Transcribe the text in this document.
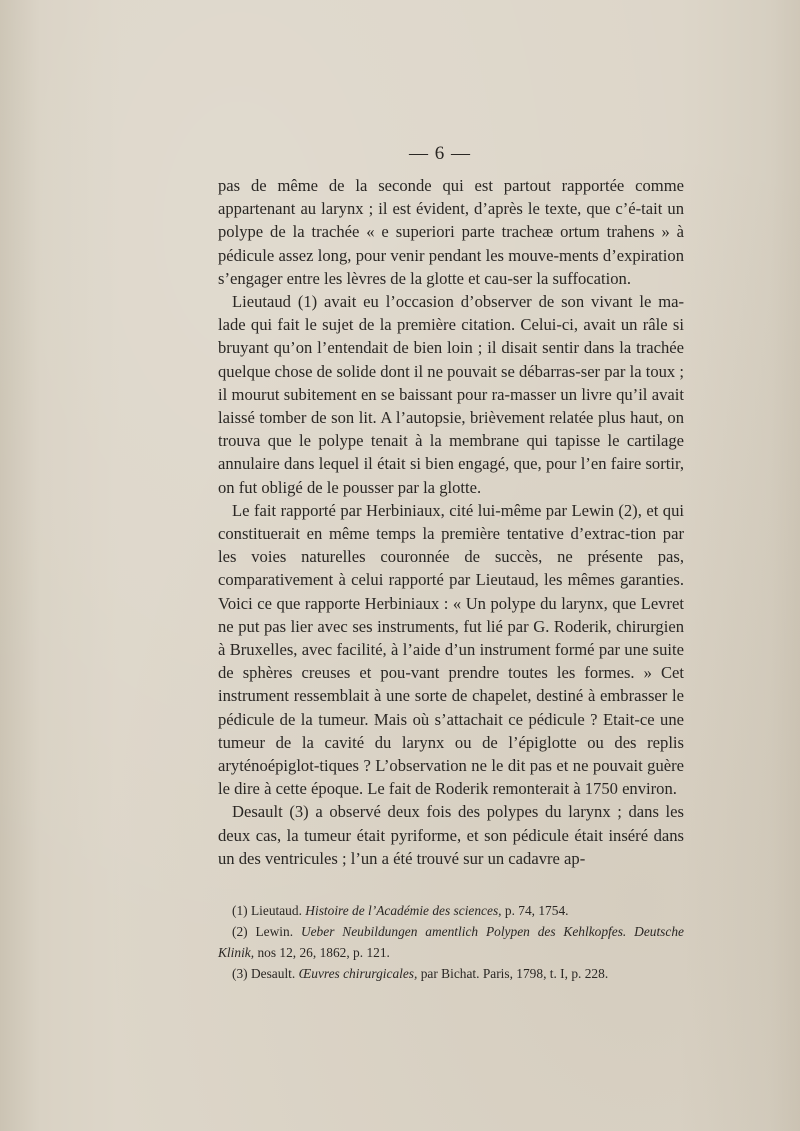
— 6 —

pas de même de la seconde qui est partout rapportée comme appartenant au larynx ; il est évident, d’après le texte, que c’é-tait un polype de la trachée « e superiori parte tracheæ ortum trahens » à pédicule assez long, pour venir pendant les mouve-ments d’expiration s’engager entre les lèvres de la glotte et cau-ser la suffocation.

Lieutaud (1) avait eu l’occasion d’observer de son vivant le ma-lade qui fait le sujet de la première citation. Celui-ci, avait un râle si bruyant qu’on l’entendait de bien loin ; il disait sentir dans la trachée quelque chose de solide dont il ne pouvait se débarras-ser par la toux ; il mourut subitement en se baissant pour ra-masser un livre qu’il avait laissé tomber de son lit. A l’autopsie, brièvement relatée plus haut, on trouva que le polype tenait à la membrane qui tapisse le cartilage annulaire dans lequel il était si bien engagé, que, pour l’en faire sortir, on fut obligé de le pousser par la glotte.

Le fait rapporté par Herbiniaux, cité lui-même par Lewin (2), et qui constituerait en même temps la première tentative d’extrac-tion par les voies naturelles couronnée de succès, ne présente pas, comparativement à celui rapporté par Lieutaud, les mêmes garanties. Voici ce que rapporte Herbiniaux : « Un polype du larynx, que Levret ne put pas lier avec ses instruments, fut lié par G. Roderik, chirurgien à Bruxelles, avec facilité, à l’aide d’un instrument formé par une suite de sphères creuses et pou-vant prendre toutes les formes. » Cet instrument ressemblait à une sorte de chapelet, destiné à embrasser le pédicule de la tumeur. Mais où s’attachait ce pédicule ? Etait-ce une tumeur de la cavité du larynx ou de l’épiglotte ou des replis aryténoépiglot-tiques ? L’observation ne le dit pas et ne pouvait guère le dire à cette époque. Le fait de Roderik remonterait à 1750 environ.

Desault (3) a observé deux fois des polypes du larynx ; dans les deux cas, la tumeur était pyriforme, et son pédicule était inséré dans un des ventricules ; l’un a été trouvé sur un cadavre ap-

(1) Lieutaud. Histoire de l’Académie des sciences, p. 74, 1754.

(2) Lewin. Ueber Neubildungen amentlich Polypen des Kehlkopfes. Deutsche Klinik, nos 12, 26, 1862, p. 121.

(3) Desault. Œuvres chirurgicales, par Bichat. Paris, 1798, t. I, p. 228.
